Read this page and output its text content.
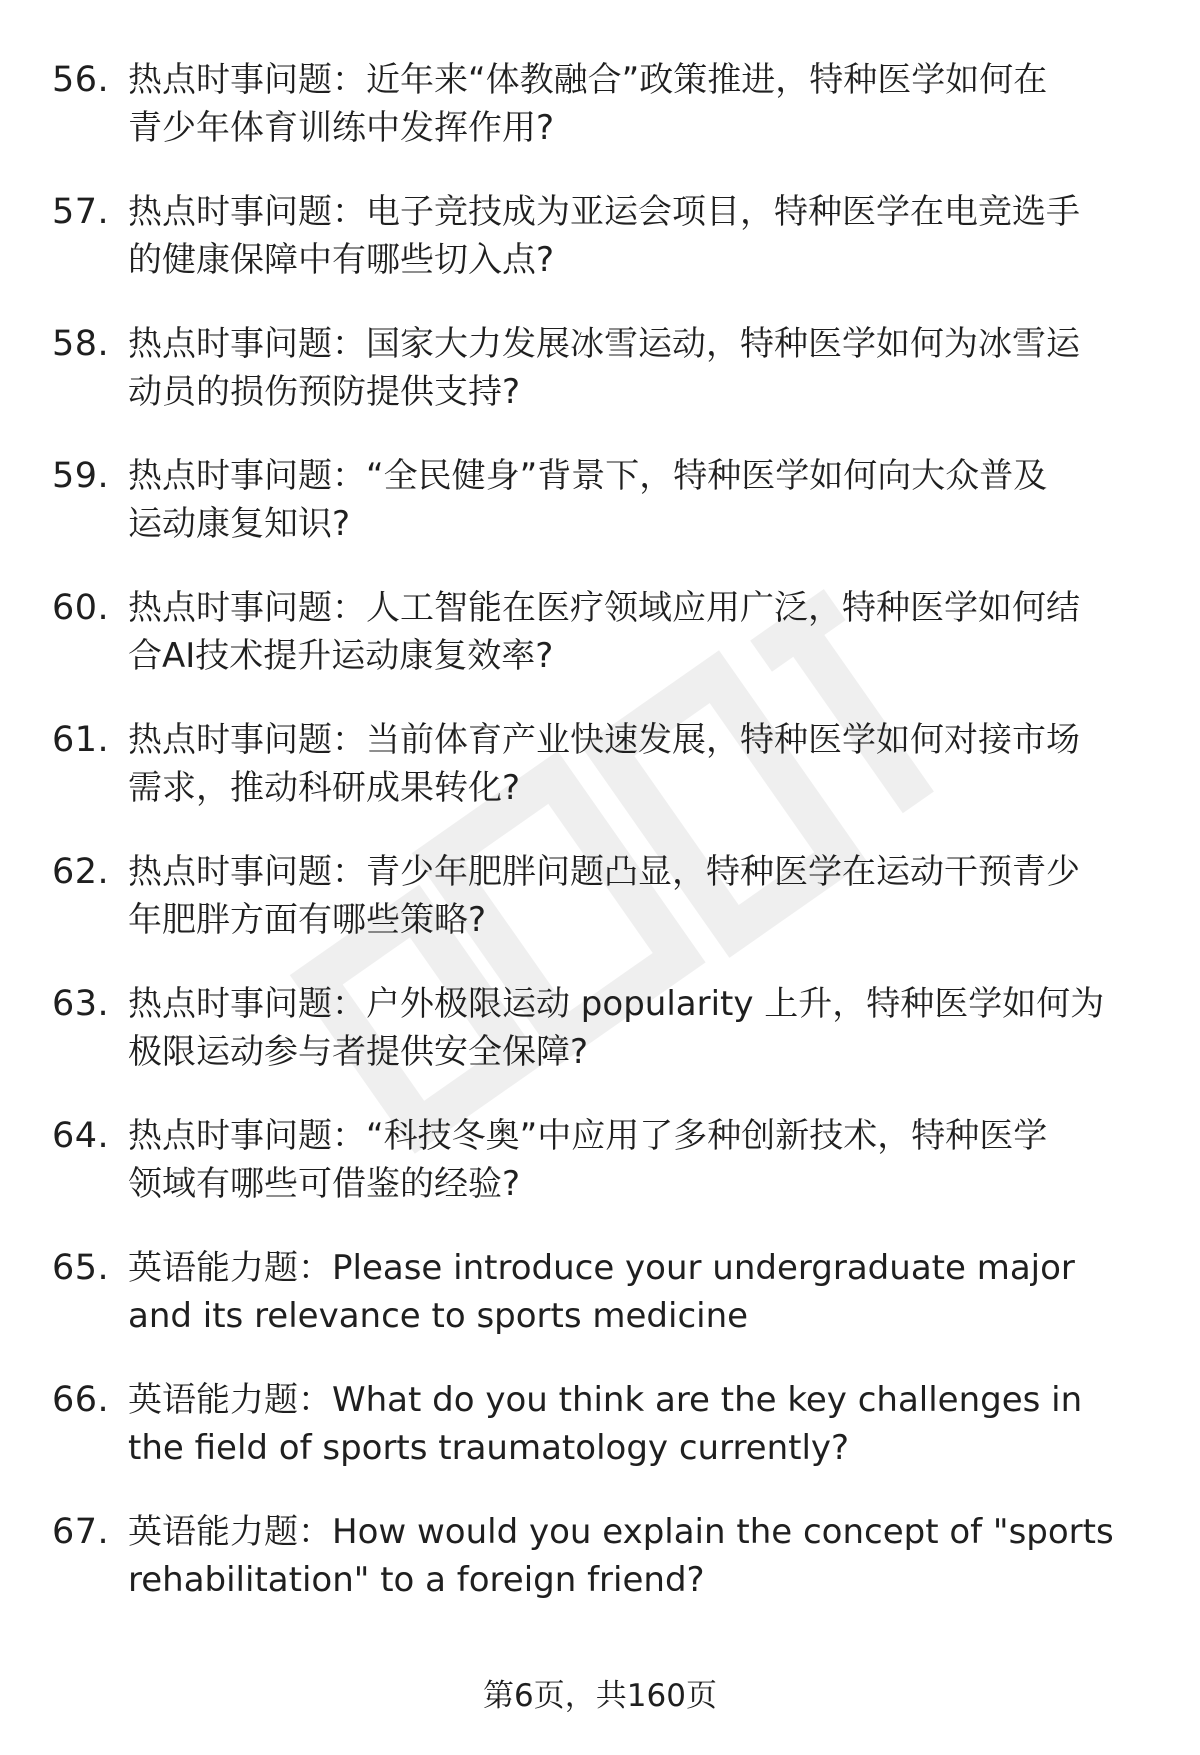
56. 热点时事问题：近年来“体教融合”政策推进，特种医学如何在
青少年体育训练中发挥作用?
57. 热点时事问题：电子竞技成为亚运会项目，特种医学在电竞选手
的健康保障中有哪些切入点?
58. 热点时事问题：国家大力发展冰雪运动，特种医学如何为冰雪运
动员的损伤预防提供支持?
59. 热点时事问题：“全民健身”背景下，特种医学如何向大众普及
运动康复知识?
60. 热点时事问题：人工智能在医疗领域应用广泛，特种医学如何结
合AI技术提升运动康复效率?
61. 热点时事问题：当前体育产业快速发展，特种医学如何对接市场
需求，推动科研成果转化?
62. 热点时事问题：青少年肥胖问题凸显，特种医学在运动干预青少
年肥胖方面有哪些策略?
63. 热点时事问题：户外极限运动 popularity 上升，特种医学如何为
极限运动参与者提供安全保障?
64. 热点时事问题：“科技冬奥”中应用了多种创新技术，特种医学
领域有哪些可借鉴的经验?
65. 英语能力题：Please introduce your undergraduate major
and its relevance to sports medicine
66. 英语能力题：What do you think are the key challenges in
the field of sports traumatology currently?
67. 英语能力题：How would you explain the concept of "sports
rehabilitation" to a foreign friend?
第6页，共160页
